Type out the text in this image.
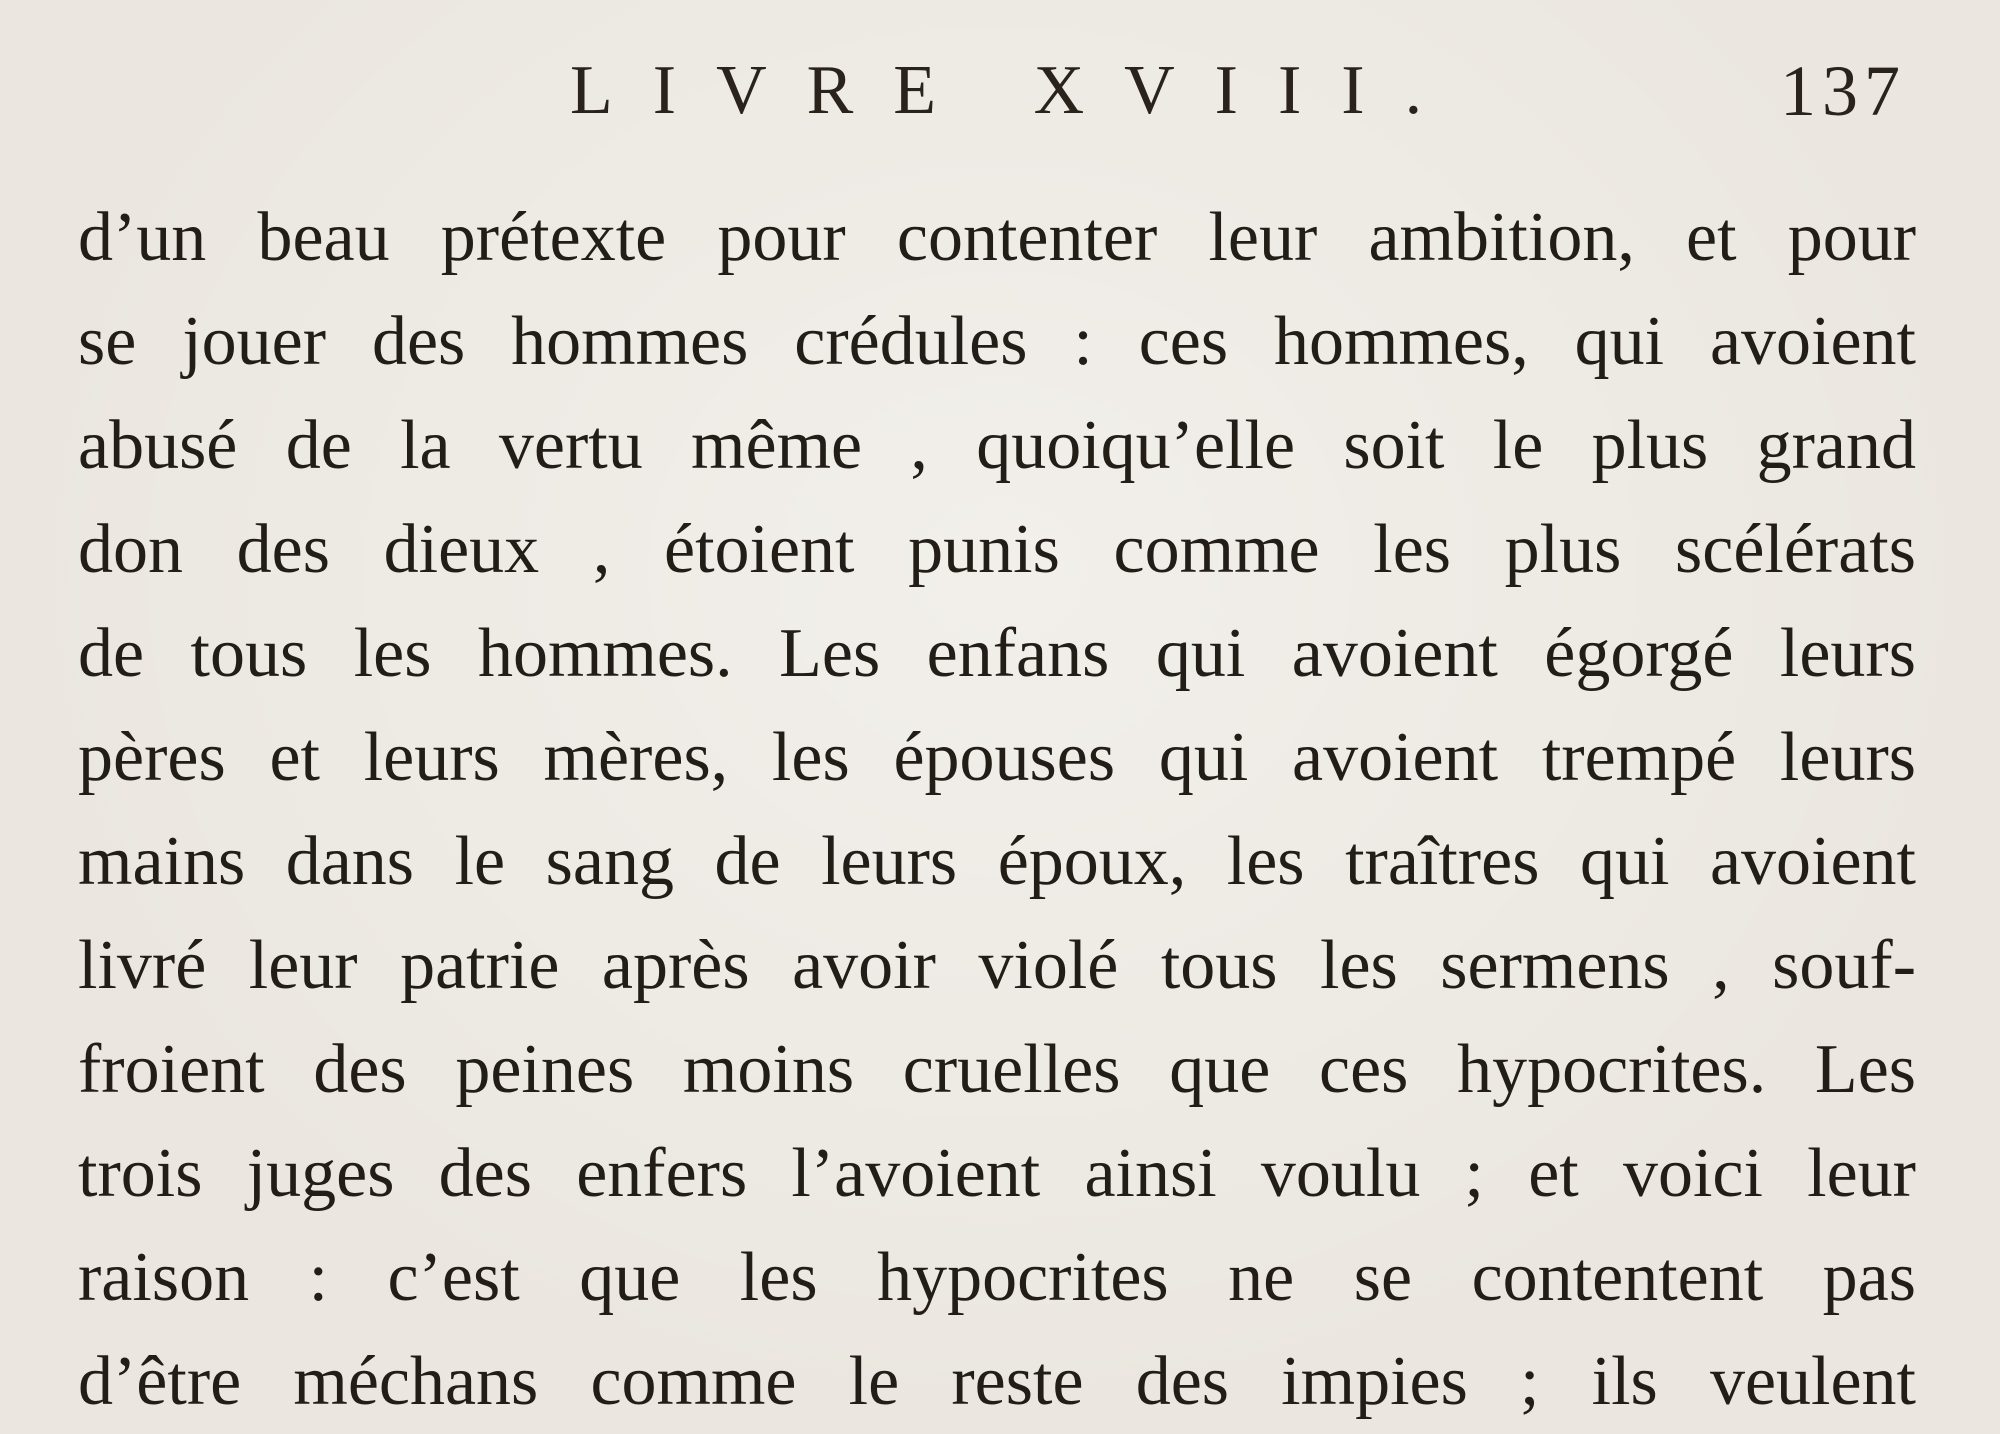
LIVRE XVIII.	137
d’un beau prétexte pour contenter leur ambition, et pour
se jouer des hommes crédules : ces hommes, qui avoient
abusé de la vertu même , quoiqu’elle soit le plus grand
don des dieux , étoient punis comme les plus scélérats
de tous les hommes. Les enfans qui avoient égorgé leurs
pères et leurs mères, les épouses qui avoient trempé leurs
mains dans le sang de leurs époux, les traîtres qui avoient
livré leur patrie après avoir violé tous les sermens , souf-
froient des peines moins cruelles que ces hypocrites. Les
trois juges des enfers l’avoient ainsi voulu ; et voici leur
raison : c’est que les hypocrites ne se contentent pas
d’être méchans comme le reste des impies ; ils veulent
